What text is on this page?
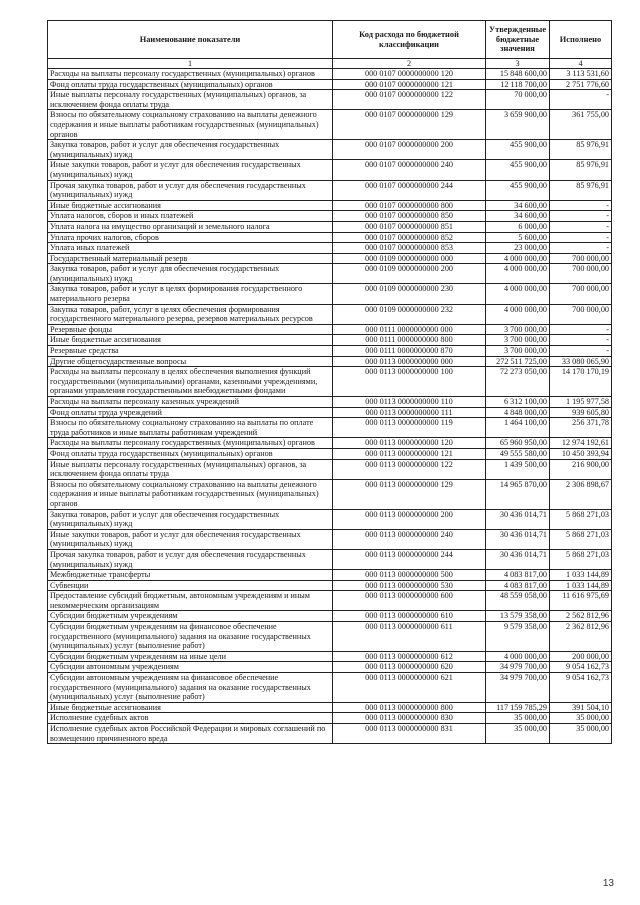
Наименование показатели	Код расхода по бюджетной классификации	Утвержденные бюджетные значения	Исполнено
1	2	3	4
Расходы на выплаты персоналу государственных (муниципальных) органов	000 0107 0000000000 120	15 848 600,00	3 113 531,60
Фонд оплаты труда государственных (муниципальных) органов	000 0107 0000000000 121	12 118 700,00	2 751 776,60
Иные выплаты персоналу государственных (муниципальных) органов, за исключением фонда оплаты труда	000 0107 0000000000 122	70 000,00	-
Взносы по обязательному социальному страхованию на выплаты денежного содержания и иные выплаты работникам государственных (муниципальных) органов	000 0107 0000000000 129	3 659 900,00	361 755,00
Закупка товаров, работ и услуг для обеспечения государственных (муниципальных) нужд	000 0107 0000000000 200	455 900,00	85 976,91
Иные закупки товаров, работ и услуг для обеспечения государственных (муниципальных) нужд	000 0107 0000000000 240	455 900,00	85 976,91
Прочая закупка товаров, работ и услуг для обеспечения государственных (муниципальных) нужд	000 0107 0000000000 244	455 900,00	85 976,91
Иные бюджетные ассигнования	000 0107 0000000000 800	34 600,00	-
Уплата налогов, сборов и иных платежей	000 0107 0000000000 850	34 600,00	-
Уплата налога на имущество организаций и земельного налога	000 0107 0000000000 851	6 000,00	-
Уплата прочих налогов, сборов	000 0107 0000000000 852	5 600,00	-
Уплата иных платежей	000 0107 0000000000 853	23 000,00	-
Государственный материальный резерв	000 0109 0000000000 000	4 000 000,00	700 000,00
Закупка товаров, работ и услуг для обеспечения государственных (муниципальных) нужд	000 0109 0000000000 200	4 000 000,00	700 000,00
Закупка товаров, работ и услуг в целях формирования государственного материального резерва	000 0109 0000000000 230	4 000 000,00	700 000,00
Закупка товаров, работ, услуг в целях обеспечения формирования государственного материального резерва, резервов материальных ресурсов	000 0109 0000000000 232	4 000 000,00	700 000,00
Резервные фонды	000 0111 0000000000 000	3 700 000,00	-
Иные бюджетные ассигнования	000 0111 0000000000 800	3 700 000,00	-
Резервные средства	000 0111 0000000000 870	3 700 000,00	-
Другие общегосударственные вопросы	000 0113 0000000000 000	272 511 725,00	33 080 065,90
Расходы на выплаты персоналу в целях обеспечения выполнения функций государственными (муниципальными) органами, казенными учреждениями, органами управления государственными внебюджетными фондами	000 0113 0000000000 100	72 273 050,00	14 170 170,19
Расходы на выплаты персоналу казенных учреждений	000 0113 0000000000 110	6 312 100,00	1 195 977,58
Фонд оплаты труда учреждений	000 0113 0000000000 111	4 848 000,00	939 605,80
Взносы по обязательному социальному страхованию на выплаты по оплате труда работников и иные выплаты работникам учреждений	000 0113 0000000000 119	1 464 100,00	256 371,78
Расходы на выплаты персоналу государственных (муниципальных) органов	000 0113 0000000000 120	65 960 950,00	12 974 192,61
Фонд оплаты труда государственных (муниципальных) органов	000 0113 0000000000 121	49 555 580,00	10 450 393,94
Иные выплаты персоналу государственных (муниципальных) органов, за исключением фонда оплаты труда	000 0113 0000000000 122	1 439 500,00	216 900,00
Взносы по обязательному социальному страхованию на выплаты денежного содержания и иные выплаты работникам государственных (муниципальных) органов	000 0113 0000000000 129	14 965 870,00	2 306 898,67
Закупка товаров, работ и услуг для обеспечения государственных (муниципальных) нужд	000 0113 0000000000 200	30 436 014,71	5 868 271,03
Иные закупки товаров, работ и услуг для обеспечения государственных (муниципальных) нужд	000 0113 0000000000 240	30 436 014,71	5 868 271,03
Прочая закупка товаров, работ и услуг для обеспечения государственных (муниципальных) нужд	000 0113 0000000000 244	30 436 014,71	5 868 271,03
Межбюджетные трансферты	000 0113 0000000000 500	4 083 817,00	1 033 144,89
Субвенции	000 0113 0000000000 530	4 083 817,00	1 033 144,89
Предоставление субсидий бюджетным, автономным учреждениям и иным некоммерческим организациям	000 0113 0000000000 600	48 559 058,00	11 616 975,69
Субсидии бюджетным учреждениям	000 0113 0000000000 610	13 579 358,00	2 562 812,96
Субсидии бюджетным учреждениям на финансовое обеспечение государственного (муниципального) задания на оказание государственных (муниципальных) услуг (выполнение работ)	000 0113 0000000000 611	9 579 358,00	2 362 812,96
Субсидии бюджетным учреждениям на иные цели	000 0113 0000000000 612	4 000 000,00	200 000,00
Субсидии автономным учреждениям	000 0113 0000000000 620	34 979 700,00	9 054 162,73
Субсидии автономным учреждениям на финансовое обеспечение государственного (муниципального) задания на оказание государственных (муниципальных) услуг (выполнение работ)	000 0113 0000000000 621	34 979 700,00	9 054 162,73
Иные бюджетные ассигнования	000 0113 0000000000 800	117 159 785,29	391 504,10
Исполнение судебных актов	000 0113 0000000000 830	35 000,00	35 000,00
Исполнение судебных актов Российской Федерации и мировых соглашений по возмещению причиненного вреда	000 0113 0000000000 831	35 000,00	35 000,00
13
